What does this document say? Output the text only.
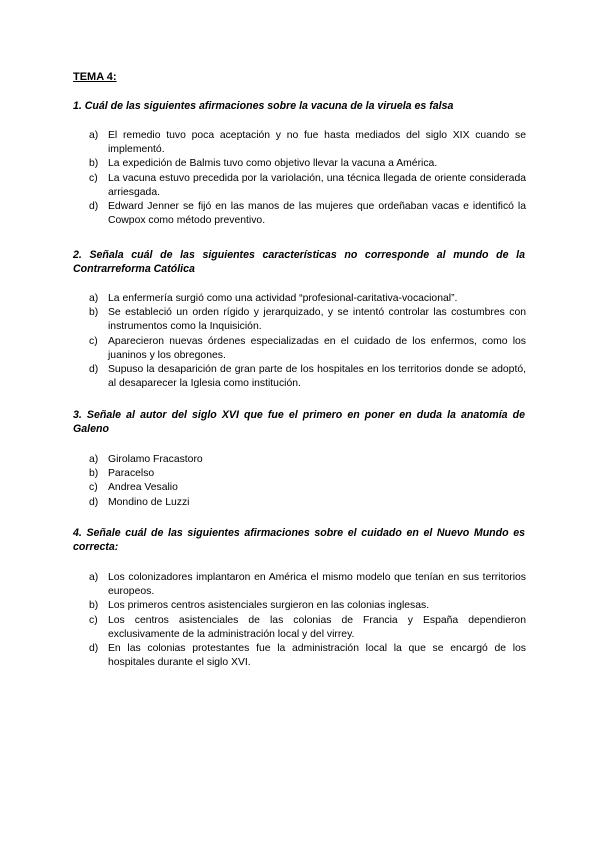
TEMA 4:
1. Cuál de las siguientes afirmaciones sobre la vacuna de la viruela es falsa
a) El remedio tuvo poca aceptación y no fue hasta mediados del siglo XIX cuando se implementó.
b) La expedición de Balmis tuvo como objetivo llevar la vacuna a América.
c) La vacuna estuvo precedida por la variolación, una técnica llegada de oriente considerada arriesgada.
d) Edward Jenner se fijó en las manos de las mujeres que ordeñaban vacas e identificó la Cowpox como método preventivo.
2. Señala cuál de las siguientes características no corresponde al mundo de la Contrarreforma Católica
a) La enfermería surgió como una actividad “profesional-caritativa-vocacional”.
b) Se estableció un orden rígido y jerarquizado, y se intentó controlar las costumbres con instrumentos como la Inquisición.
c) Aparecieron nuevas órdenes especializadas en el cuidado de los enfermos, como los juaninos y los obregones.
d) Supuso la desaparición de gran parte de los hospitales en los territorios donde se adoptó, al desaparecer la Iglesia como institución.
3. Señale al autor del siglo XVI que fue el primero en poner en duda la anatomía de Galeno
a) Girolamo Fracastoro
b) Paracelso
c) Andrea Vesalio
d) Mondino de Luzzi
4. Señale cuál de las siguientes afirmaciones sobre el cuidado en el Nuevo Mundo es correcta:
a) Los colonizadores implantaron en América el mismo modelo que tenían en sus territorios europeos.
b) Los primeros centros asistenciales surgieron en las colonias inglesas.
c) Los centros asistenciales de las colonias de Francia y España dependieron exclusivamente de la administración local y del virrey.
d) En las colonias protestantes fue la administración local la que se encargó de los hospitales durante el siglo XVI.
